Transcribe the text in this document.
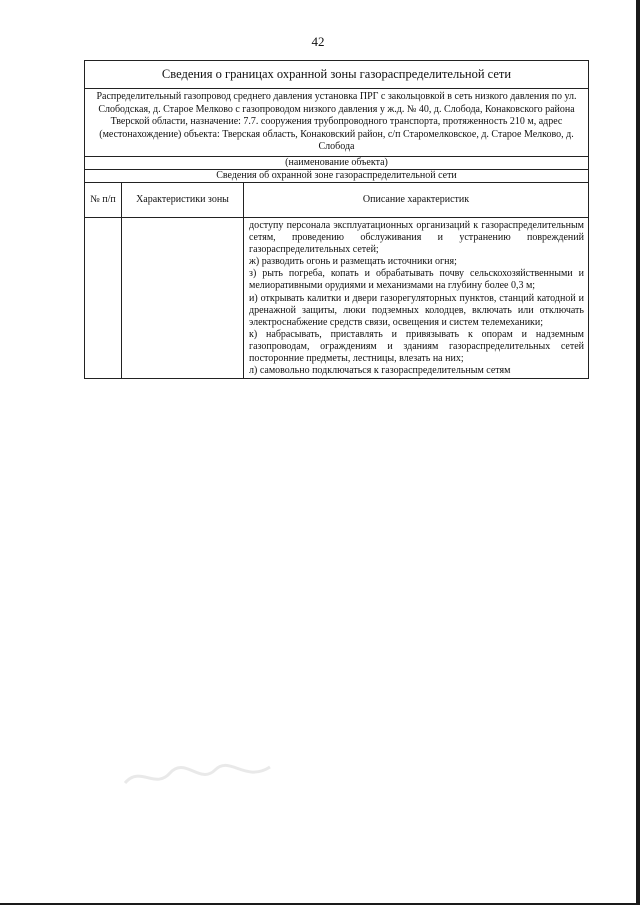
42
Сведения о границах охранной зоны газораспределительной сети
Распределительный газопровод среднего давления установка ПРГ с закольцовкой в сеть низкого давления по ул. Слободская, д. Старое Мелково с газопроводом низкого давления у ж.д. № 40, д. Слобода, Конаковского района Тверской области, назначение: 7.7. сооружения трубопроводного транспорта, протяженность 210 м, адрес (местонахождение) объекта: Тверская область, Конаковский район, с/п Старомелковское, д. Старое Мелково, д. Слобода
(наименование объекта)
Сведения об охранной зоне газораспределительной сети
№ п/п	Характеристики зоны	Описание характеристик

доступу персонала эксплуатационных организаций к газораспределительным сетям, проведению обслуживания и устранению повреждений газораспределительных сетей;

ж) разводить огонь и размещать источники огня;

з) рыть погреба, копать и обрабатывать почву сельскохозяйственными и мелиоративными орудиями и механизмами на глубину более 0,3 м;

и) открывать калитки и двери газорегуляторных пунктов, станций катодной и дренажной защиты, люки подземных колодцев, включать или отключать электроснабжение средств связи, освещения и систем телемеханики;

к) набрасывать, приставлять и привязывать к опорам и надземным газопроводам, ограждениям и зданиям газораспределительных сетей посторонние предметы, лестницы, влезать на них;

л) самовольно подключаться к газораспределительным сетям
